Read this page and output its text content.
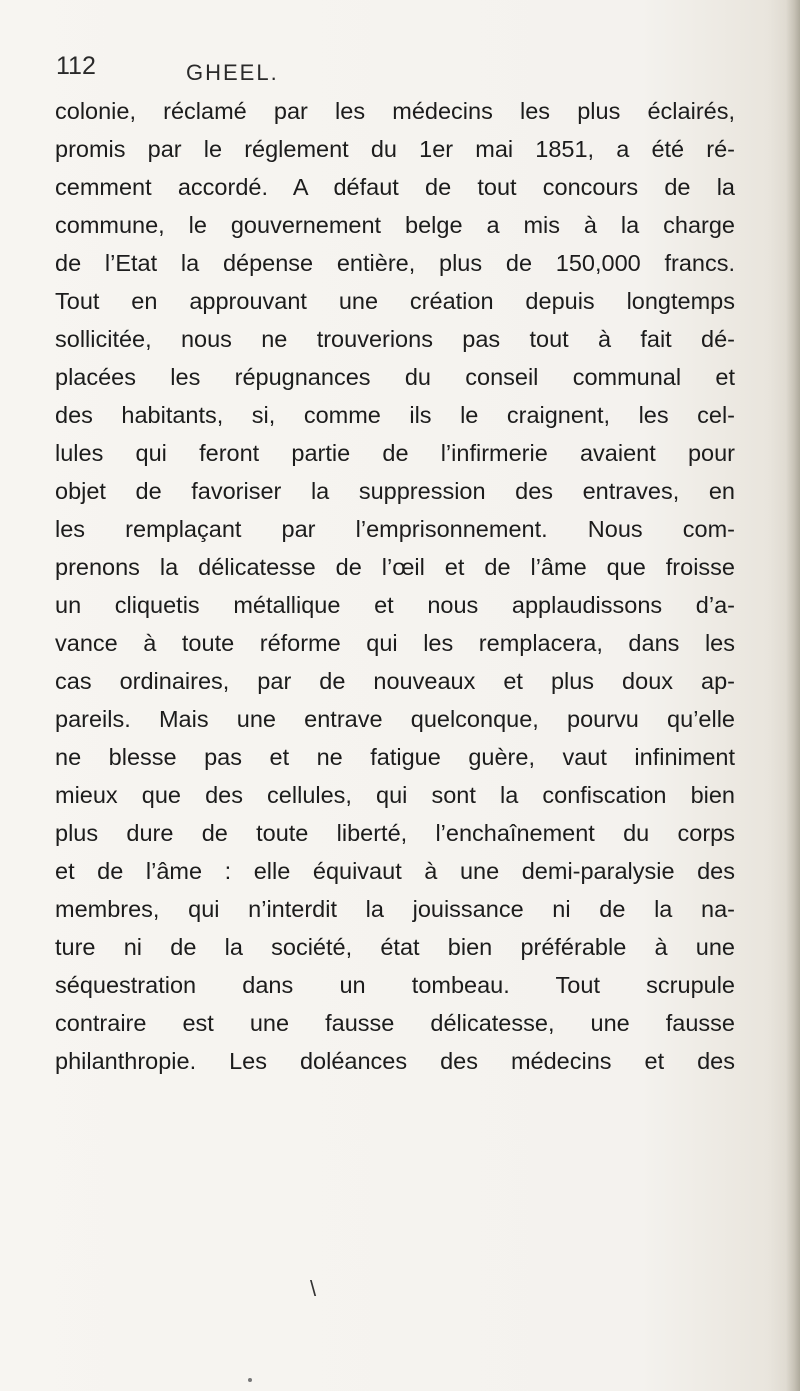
112	GHEEL.
colonie, réclamé par les médecins les plus éclairés,
promis par le réglement du 1er mai 1851, a été ré-
cemment accordé. A défaut de tout concours de la
commune, le gouvernement belge a mis à la charge
de l’Etat la dépense entière, plus de 150,000 francs.
Tout en approuvant une création depuis longtemps
sollicitée, nous ne trouverions pas tout à fait dé-
placées les répugnances du conseil communal et
des habitants, si, comme ils le craignent, les cel-
lules qui feront partie de l’infirmerie avaient pour
objet de favoriser la suppression des entraves, en
les remplaçant par l’emprisonnement. Nous com-
prenons la délicatesse de l’œil et de l’âme que froisse
un cliquetis métallique et nous applaudissons d’a-
vance à toute réforme qui les remplacera, dans les
cas ordinaires, par de nouveaux et plus doux ap-
pareils. Mais une entrave quelconque, pourvu qu’elle
ne blesse pas et ne fatigue guère, vaut infiniment
mieux que des cellules, qui sont la confiscation bien
plus dure de toute liberté, l’enchaînement du corps
et de l’âme : elle équivaut à une demi-paralysie des
membres, qui n’interdit la jouissance ni de la na-
ture ni de la société, état bien préférable à une
séquestration dans un tombeau. Tout scrupule
contraire est une fausse délicatesse, une fausse
philanthropie. Les doléances des médecins et des
\
